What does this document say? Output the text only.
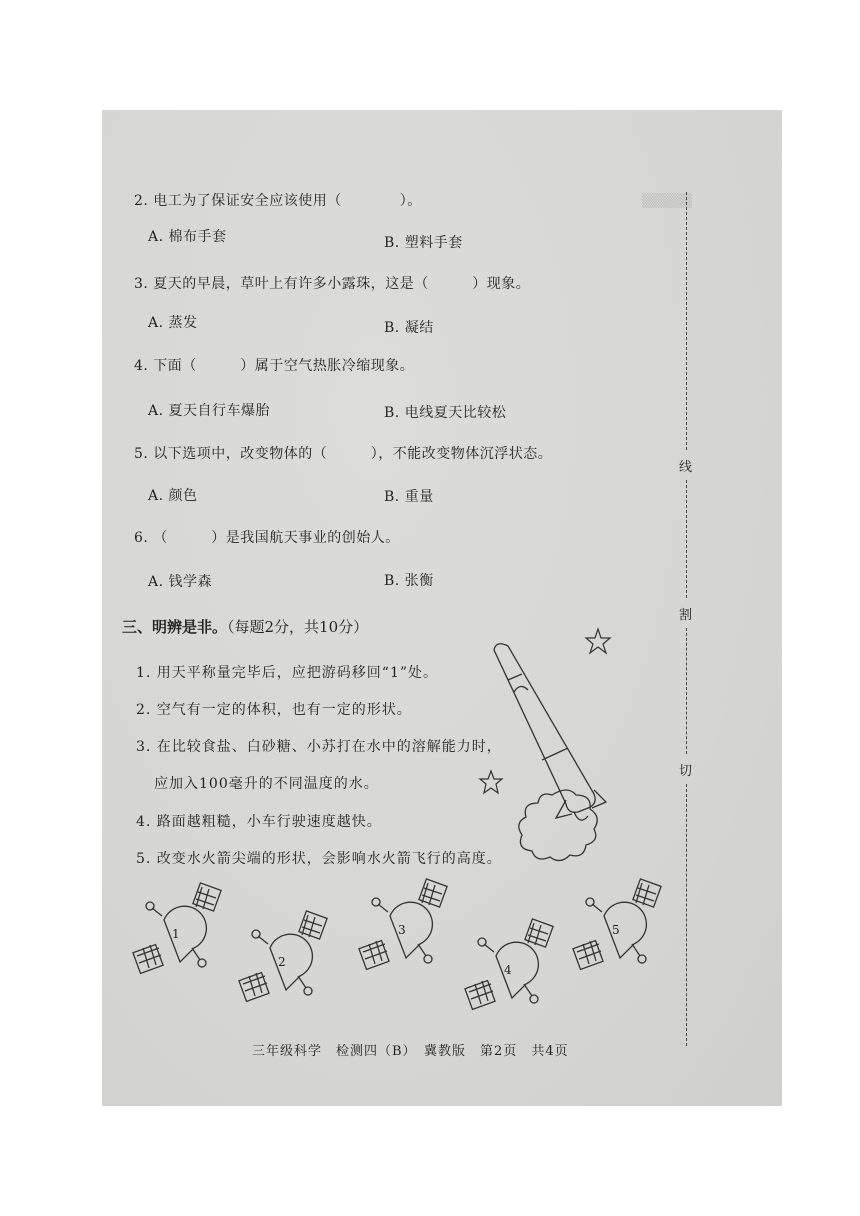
▒▒▒▒▒
2. 电工为了保证安全应该使用（　　　　）。
A. 棉布手套	B. 塑料手套
3. 夏天的早晨，草叶上有许多小露珠，这是（　　　）现象。
A. 蒸发	B. 凝结
4. 下面（　　　）属于空气热胀冷缩现象。
A. 夏天自行车爆胎	B. 电线夏天比较松
5. 以下选项中，改变物体的（　　　），不能改变物体沉浮状态。
A. 颜色	B. 重量
6. （　　　）是我国航天事业的创始人。
A. 钱学森	B. 张衡
三、明辨是非。（每题2分，共10分）
1. 用天平称量完毕后，应把游码移回“1”处。
2. 空气有一定的体积，也有一定的形状。
3. 在比较食盐、白砂糖、小苏打在水中的溶解能力时，
应加入100毫升的不同温度的水。
4. 路面越粗糙，小车行驶速度越快。
5. 改变水火箭尖端的形状，会影响水火箭飞行的高度。
1
2
3
4
5
三年级科学　检测四（B）　冀教版　第2页　共4页
线
割
切
